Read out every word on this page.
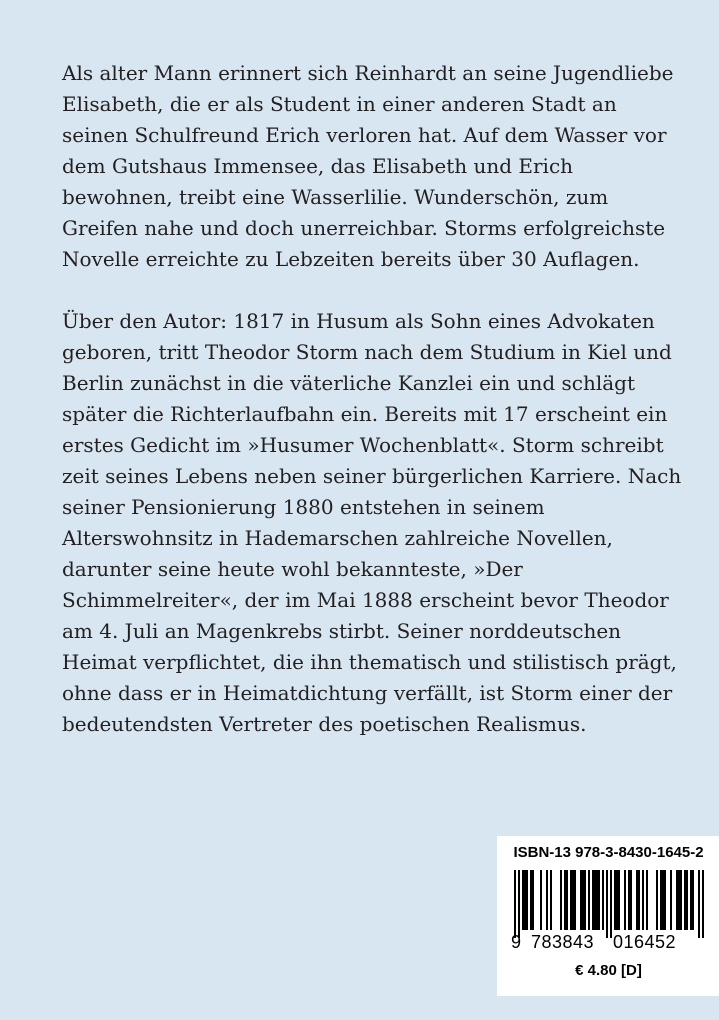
Als alter Mann erinnert sich Reinhardt an seine Jugendliebe Elisabeth, die er als Student in einer anderen Stadt an seinen Schulfreund Erich verloren hat. Auf dem Wasser vor dem Gutshaus Immensee, das Elisabeth und Erich bewohnen, treibt eine Wasserlilie. Wunderschön, zum Greifen nahe und doch unerreichbar. Storms erfolgreichste Novelle erreichte zu Lebzeiten bereits über 30 Auflagen.

Über den Autor: 1817 in Husum als Sohn eines Advokaten geboren, tritt Theodor Storm nach dem Studium in Kiel und Berlin zunächst in die väterliche Kanzlei ein und schlägt später die Richterlaufbahn ein. Bereits mit 17 erscheint ein erstes Gedicht im »Husumer Wochenblatt«. Storm schreibt zeit seines Lebens neben seiner bürgerlichen Karriere. Nach seiner Pensionierung 1880 entstehen in seinem Alterswohnsitz in Hademarschen zahlreiche Novellen, darunter seine heute wohl bekannteste, »Der Schimmelreiter«, der im Mai 1888 erscheint bevor Theodor am 4. Juli an Magenkrebs stirbt. Seiner norddeutschen Heimat verpflichtet, die ihn thematisch und stilistisch prägt, ohne dass er in Heimatdichtung verfällt, ist Storm einer der bedeutendsten Vertreter des poetischen Realismus.

ISBN-13 978-3-8430-1645-2
9 783843 016452
€ 4.80 [D]
